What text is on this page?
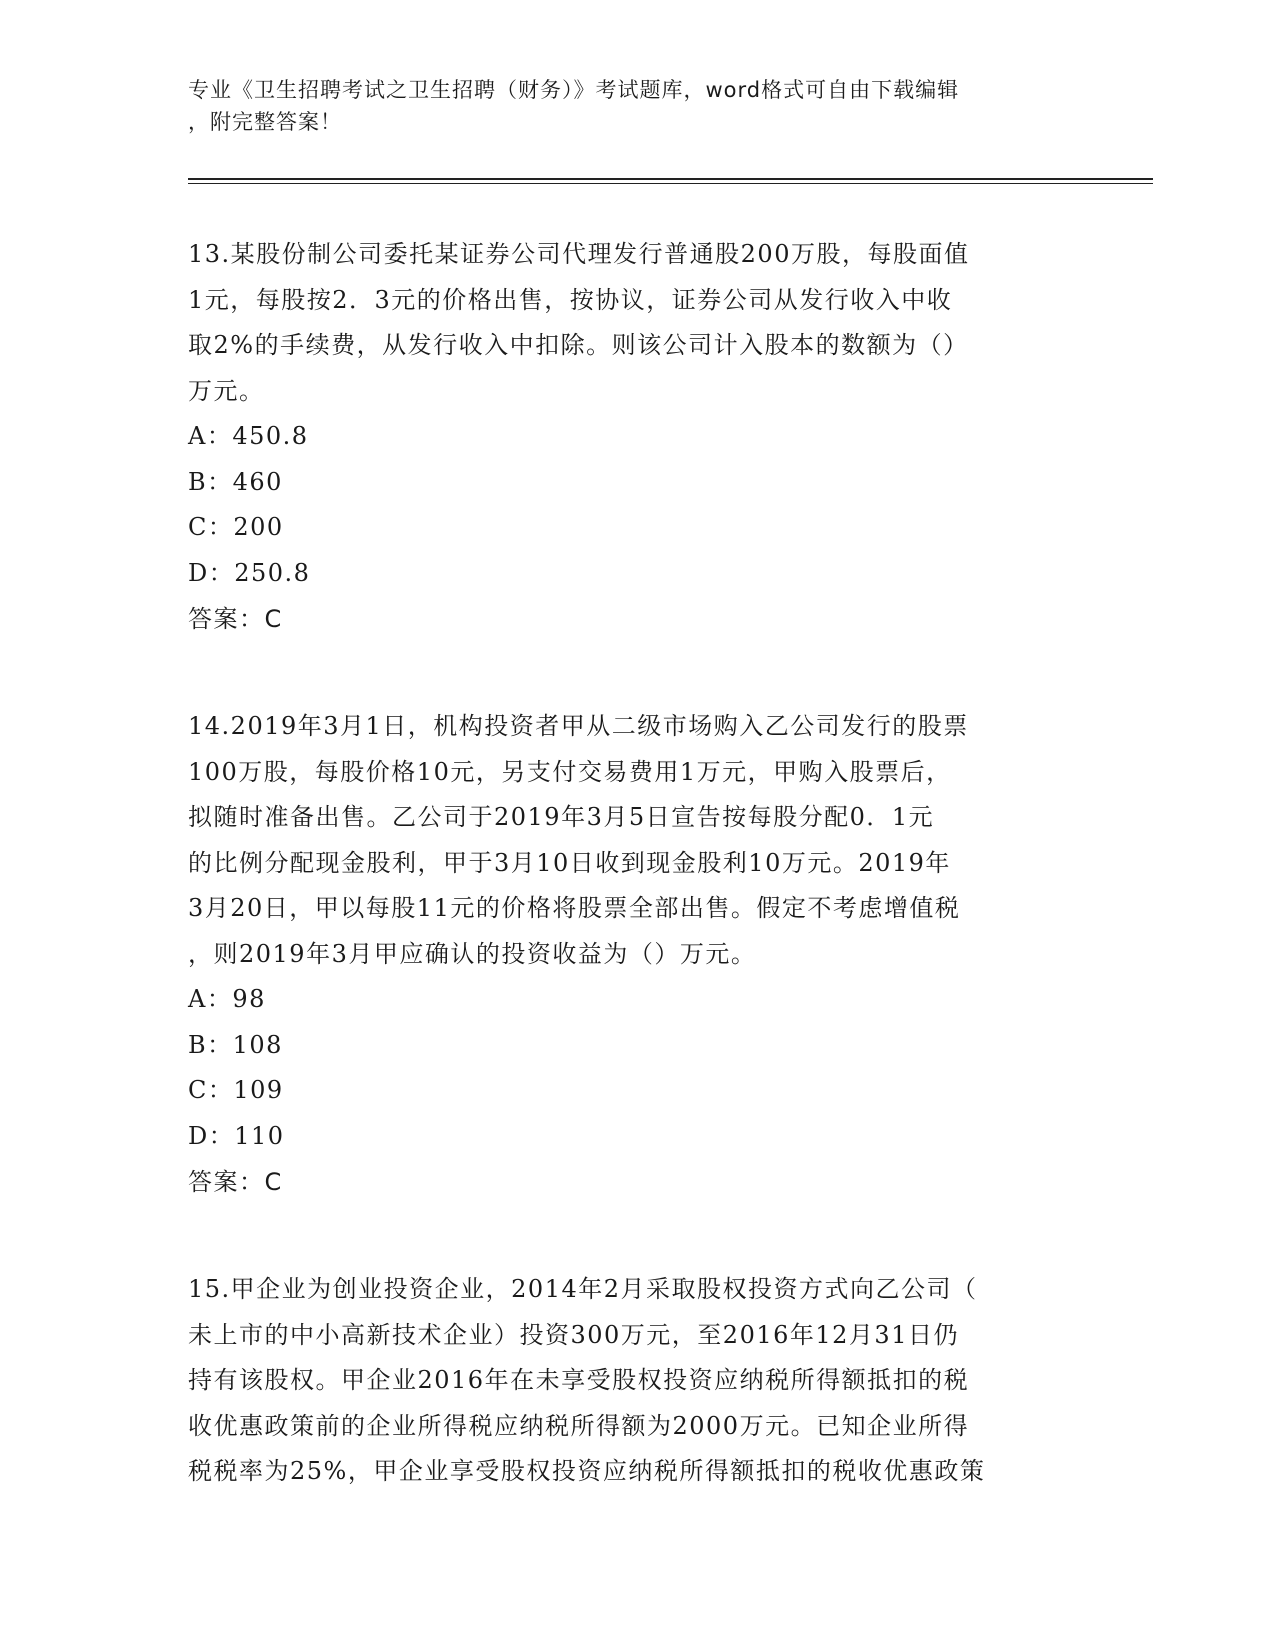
专业《卫生招聘考试之卫生招聘（财务）》考试题库，word格式可自由下载编辑
，附完整答案！
13.某股份制公司委托某证券公司代理发行普通股200万股，每股面值
1元，每股按2．3元的价格出售，按协议，证券公司从发行收入中收
取2%的手续费，从发行收入中扣除。则该公司计入股本的数额为（）
万元。
A：450.8
B：460
C：200
D：250.8
答案：C
14.2019年3月1日，机构投资者甲从二级市场购入乙公司发行的股票
100万股，每股价格10元，另支付交易费用1万元，甲购入股票后，
拟随时准备出售。乙公司于2019年3月5日宣告按每股分配0．1元
的比例分配现金股利，甲于3月10日收到现金股利10万元。2019年
3月20日，甲以每股11元的价格将股票全部出售。假定不考虑增值税
，则2019年3月甲应确认的投资收益为（）万元。
A：98
B：108
C：109
D：110
答案：C
15.甲企业为创业投资企业，2014年2月采取股权投资方式向乙公司（
未上市的中小高新技术企业）投资300万元，至2016年12月31日仍
持有该股权。甲企业2016年在未享受股权投资应纳税所得额抵扣的税
收优惠政策前的企业所得税应纳税所得额为2000万元。已知企业所得
税税率为25%，甲企业享受股权投资应纳税所得额抵扣的税收优惠政策
